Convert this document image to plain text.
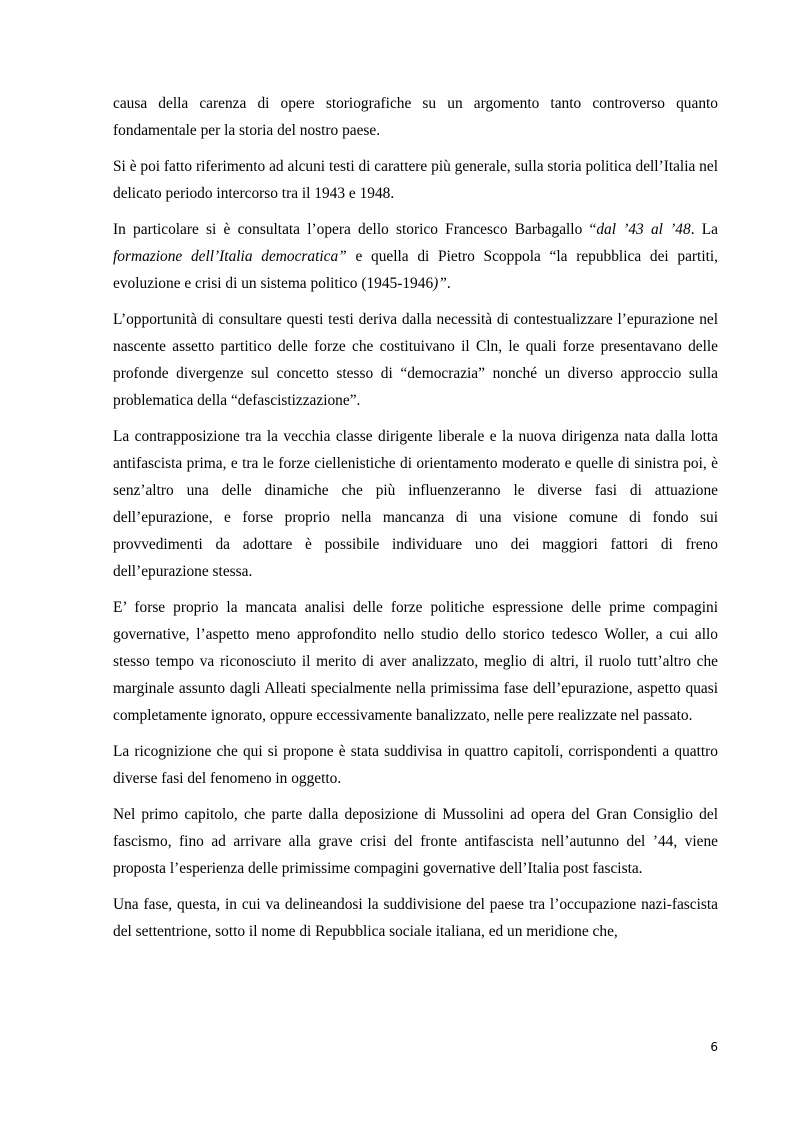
causa della carenza di opere storiografiche su un argomento tanto controverso quanto fondamentale per la storia del nostro paese.

Si è poi fatto riferimento ad alcuni testi di carattere più generale, sulla storia politica dell’Italia nel delicato periodo intercorso tra il 1943 e 1948.

In particolare si è consultata l’opera dello storico Francesco Barbagallo “dal ’43 al ’48. La formazione dell’Italia democratica” e quella di Pietro Scoppola “la repubblica dei partiti, evoluzione e crisi di un sistema politico (1945-1946)”.

L’opportunità di consultare questi testi deriva dalla necessità di contestualizzare l’epurazione nel nascente assetto partitico delle forze che costituivano il Cln, le quali forze presentavano delle profonde divergenze sul concetto stesso di “democrazia” nonché un diverso approccio sulla problematica della “defascistizzazione”.

La contrapposizione tra la vecchia classe dirigente liberale e la nuova dirigenza nata dalla lotta antifascista prima, e tra le forze ciellenistiche di orientamento moderato e quelle di sinistra poi, è senz’altro una delle dinamiche che più influenzeranno le diverse fasi di attuazione dell’epurazione, e forse proprio nella mancanza di una visione comune di fondo sui provvedimenti da adottare è possibile individuare uno dei maggiori fattori di freno dell’epurazione stessa.

E’ forse proprio la mancata analisi delle forze politiche espressione delle prime compagini governative, l’aspetto meno approfondito nello studio dello storico tedesco Woller, a cui allo stesso tempo va riconosciuto il merito di aver analizzato, meglio di altri, il ruolo tutt’altro che marginale assunto dagli Alleati specialmente nella primissima fase dell’epurazione, aspetto quasi completamente ignorato, oppure eccessivamente banalizzato, nelle pere realizzate nel passato.

La ricognizione che qui si propone è stata suddivisa in quattro capitoli, corrispondenti a quattro diverse fasi del fenomeno in oggetto.

Nel primo capitolo, che parte dalla deposizione di Mussolini ad opera del Gran Consiglio del fascismo, fino ad arrivare alla grave crisi del fronte antifascista nell’autunno del ’44, viene proposta l’esperienza delle primissime compagini governative dell’Italia post fascista.

Una fase, questa, in cui va delineandosi la suddivisione del paese tra l’occupazione nazi-fascista del settentrione, sotto il nome di Repubblica sociale italiana, ed un meridione che,

6
